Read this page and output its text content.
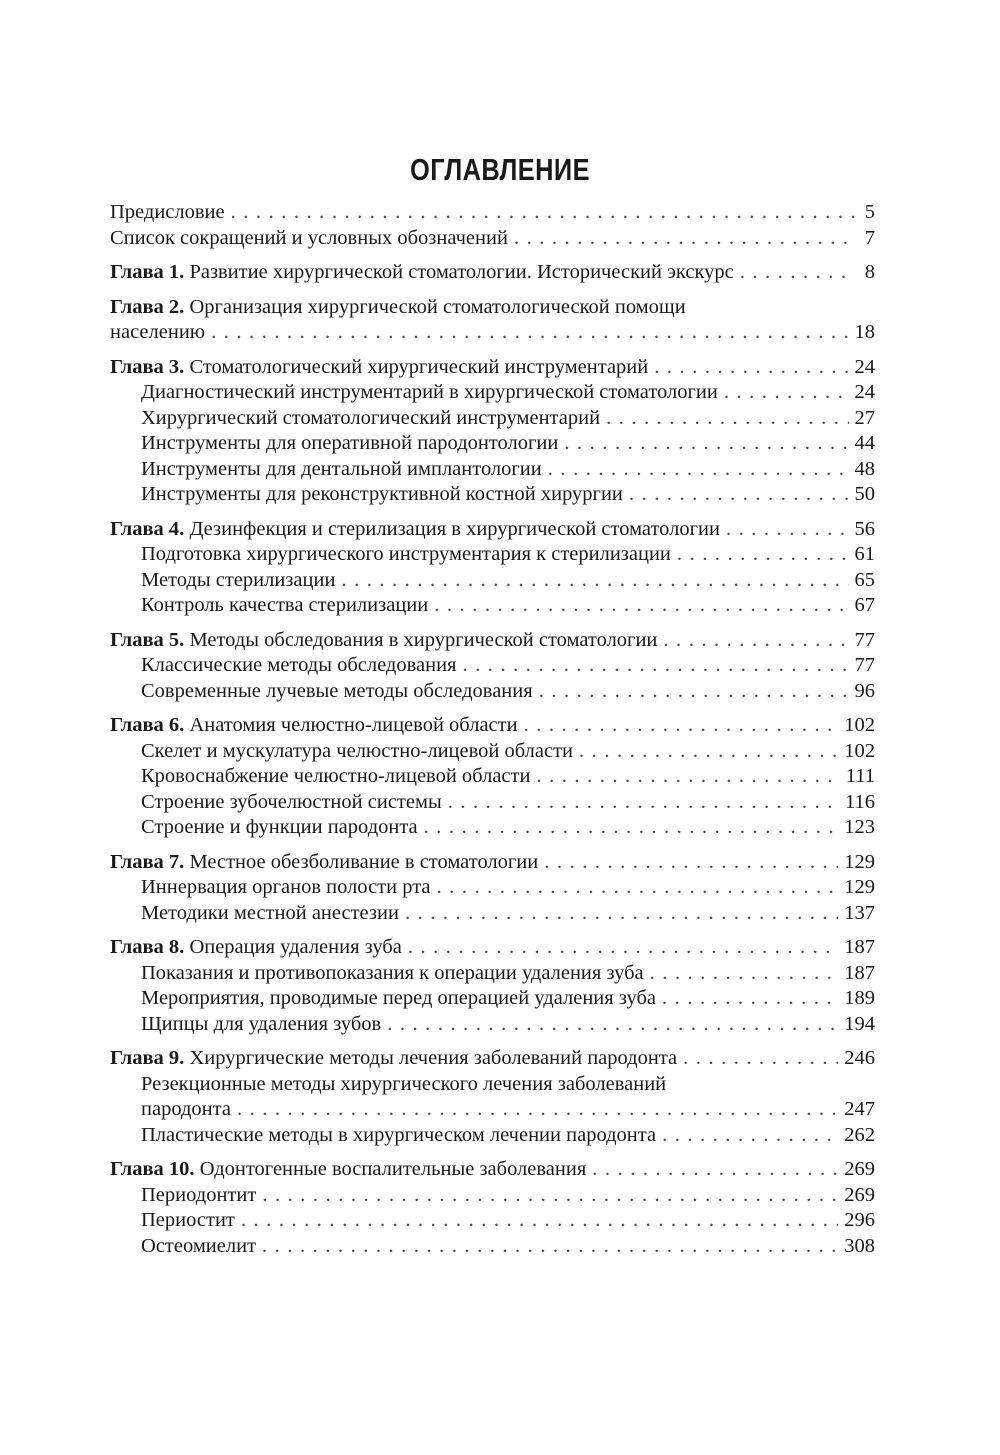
ОГЛАВЛЕНИЕ
Предисловие . . .	5
Список сокращений и условных обозначений . . .	7
Глава 1. Развитие хирургической стоматологии. Исторический экскурс . . .	8
Глава 2. Организация хирургической стоматологической помощи
населению . . .	18
Глава 3. Стоматологический хирургический инструментарий . . .	24
Диагностический инструментарий в хирургической стоматологии . . .	24
Хирургический стоматологический инструментарий . . .	27
Инструменты для оперативной пародонтологии . . .	44
Инструменты для дентальной имплантологии . . .	48
Инструменты для реконструктивной костной хирургии . . .	50
Глава 4. Дезинфекция и стерилизация в хирургической стоматологии . . .	56
Подготовка хирургического инструментария к стерилизации . . .	61
Методы стерилизации . . .	65
Контроль качества стерилизации . . .	67
Глава 5. Методы обследования в хирургической стоматологии . . .	77
Классические методы обследования . . .	77
Современные лучевые методы обследования . . .	96
Глава 6. Анатомия челюстно-лицевой области . . .	102
Скелет и мускулатура челюстно-лицевой области . . .	102
Кровоснабжение челюстно-лицевой области . . .	111
Строение зубочелюстной системы . . .	116
Строение и функции пародонта . . .	123
Глава 7. Местное обезболивание в стоматологии . . .	129
Иннервация органов полости рта . . .	129
Методики местной анестезии . . .	137
Глава 8. Операция удаления зуба . . .	187
Показания и противопоказания к операции удаления зуба . . .	187
Мероприятия, проводимые перед операцией удаления зуба . . .	189
Щипцы для удаления зубов . . .	194
Глава 9. Хирургические методы лечения заболеваний пародонта . . .	246
Резекционные методы хирургического лечения заболеваний
пародонта . . .	247
Пластические методы в хирургическом лечении пародонта . . .	262
Глава 10. Одонтогенные воспалительные заболевания . . .	269
Периодонтит . . .	269
Периостит . . .	296
Остеомиелит . . .	308
